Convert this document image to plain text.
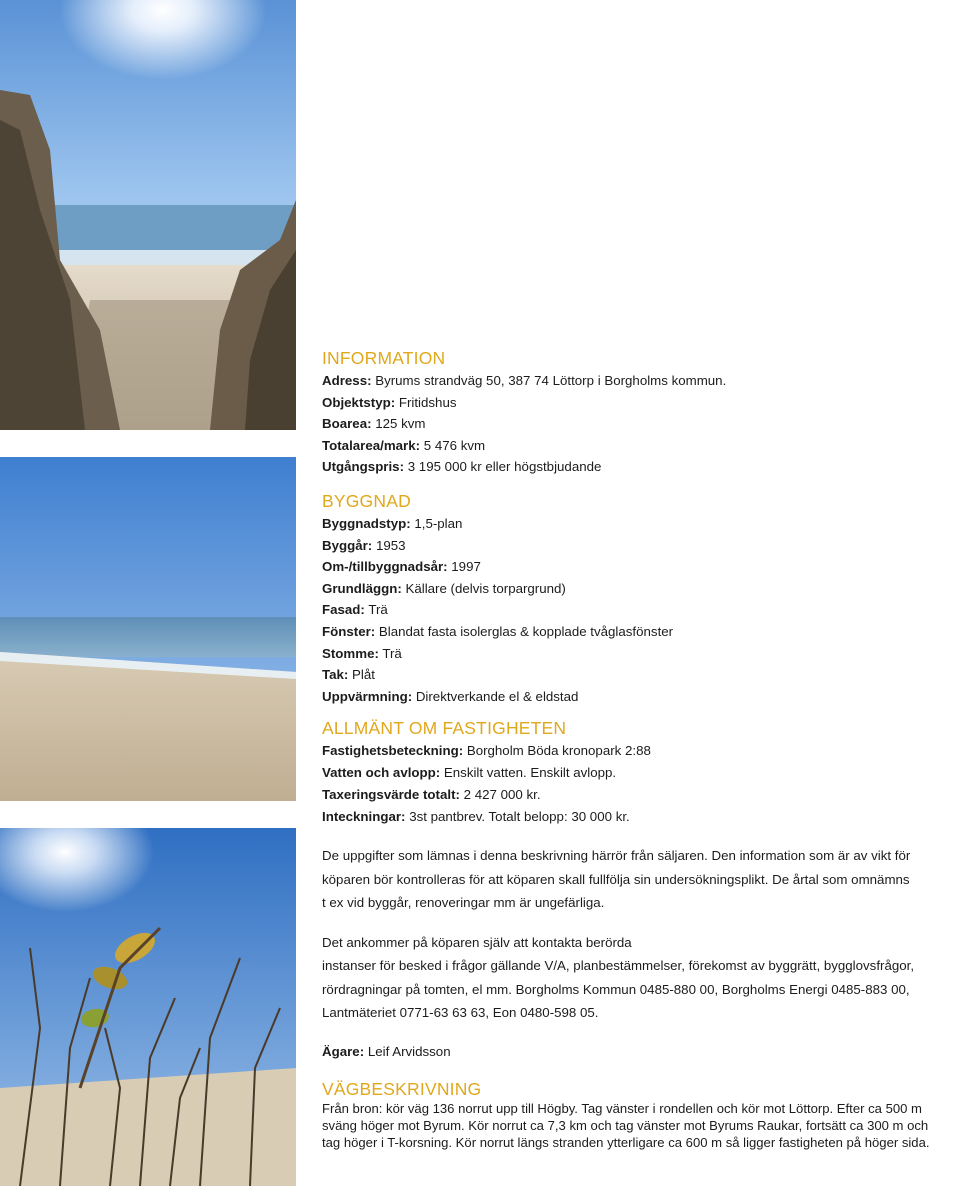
INFORMATION
Adress: Byrums strandväg 50, 387 74 Löttorp i Borgholms kommun.
Objektstyp: Fritidshus
Boarea: 125 kvm
Totalarea/mark: 5 476 kvm
Utgångspris: 3 195 000 kr eller högstbjudande
BYGGNAD
Byggnadstyp: 1,5-plan
Byggår: 1953
Om-/tillbyggnadsår: 1997
Grundläggn: Källare (delvis torpargrund)
Fasad: Trä
Fönster: Blandat fasta isolerglas & kopplade tvåglasfönster
Stomme: Trä
Tak: Plåt
Uppvärmning: Direktverkande el & eldstad
ALLMÄNT OM FASTIGHETEN
Fastighetsbeteckning: Borgholm Böda kronopark 2:88
Vatten och avlopp: Enskilt vatten. Enskilt avlopp.
Taxeringsvärde totalt: 2 427 000 kr.
Inteckningar: 3st pantbrev. Totalt belopp: 30 000 kr.
De uppgifter som lämnas i denna beskrivning härrör från säljaren. Den information som är av vikt för
köparen bör kontrolleras för att köparen skall fullfölja sin undersökningsplikt. De årtal som omnämns
t ex vid byggår, renoveringar mm är ungefärliga.
Det ankommer på köparen själv att kontakta berörda
instanser för besked i frågor gällande V/A, planbestämmelser, förekomst av byggrätt, bygglovsfrågor,
rördragningar på tomten, el mm. Borgholms Kommun 0485-880 00, Borgholms Energi 0485-883 00,
Lantmäteriet 0771-63 63 63, Eon 0480-598 05.
Ägare: Leif Arvidsson
VÄGBESKRIVNING
Från bron: kör väg 136 norrut upp till Högby. Tag vänster i rondellen och kör mot Löttorp. Efter ca 500 m
sväng höger mot Byrum. Kör norrut ca 7,3 km och tag vänster mot Byrums Raukar, fortsätt ca 300 m och
tag höger i T-korsning. Kör norrut längs stranden ytterligare ca 600 m så ligger fastigheten på höger sida.
